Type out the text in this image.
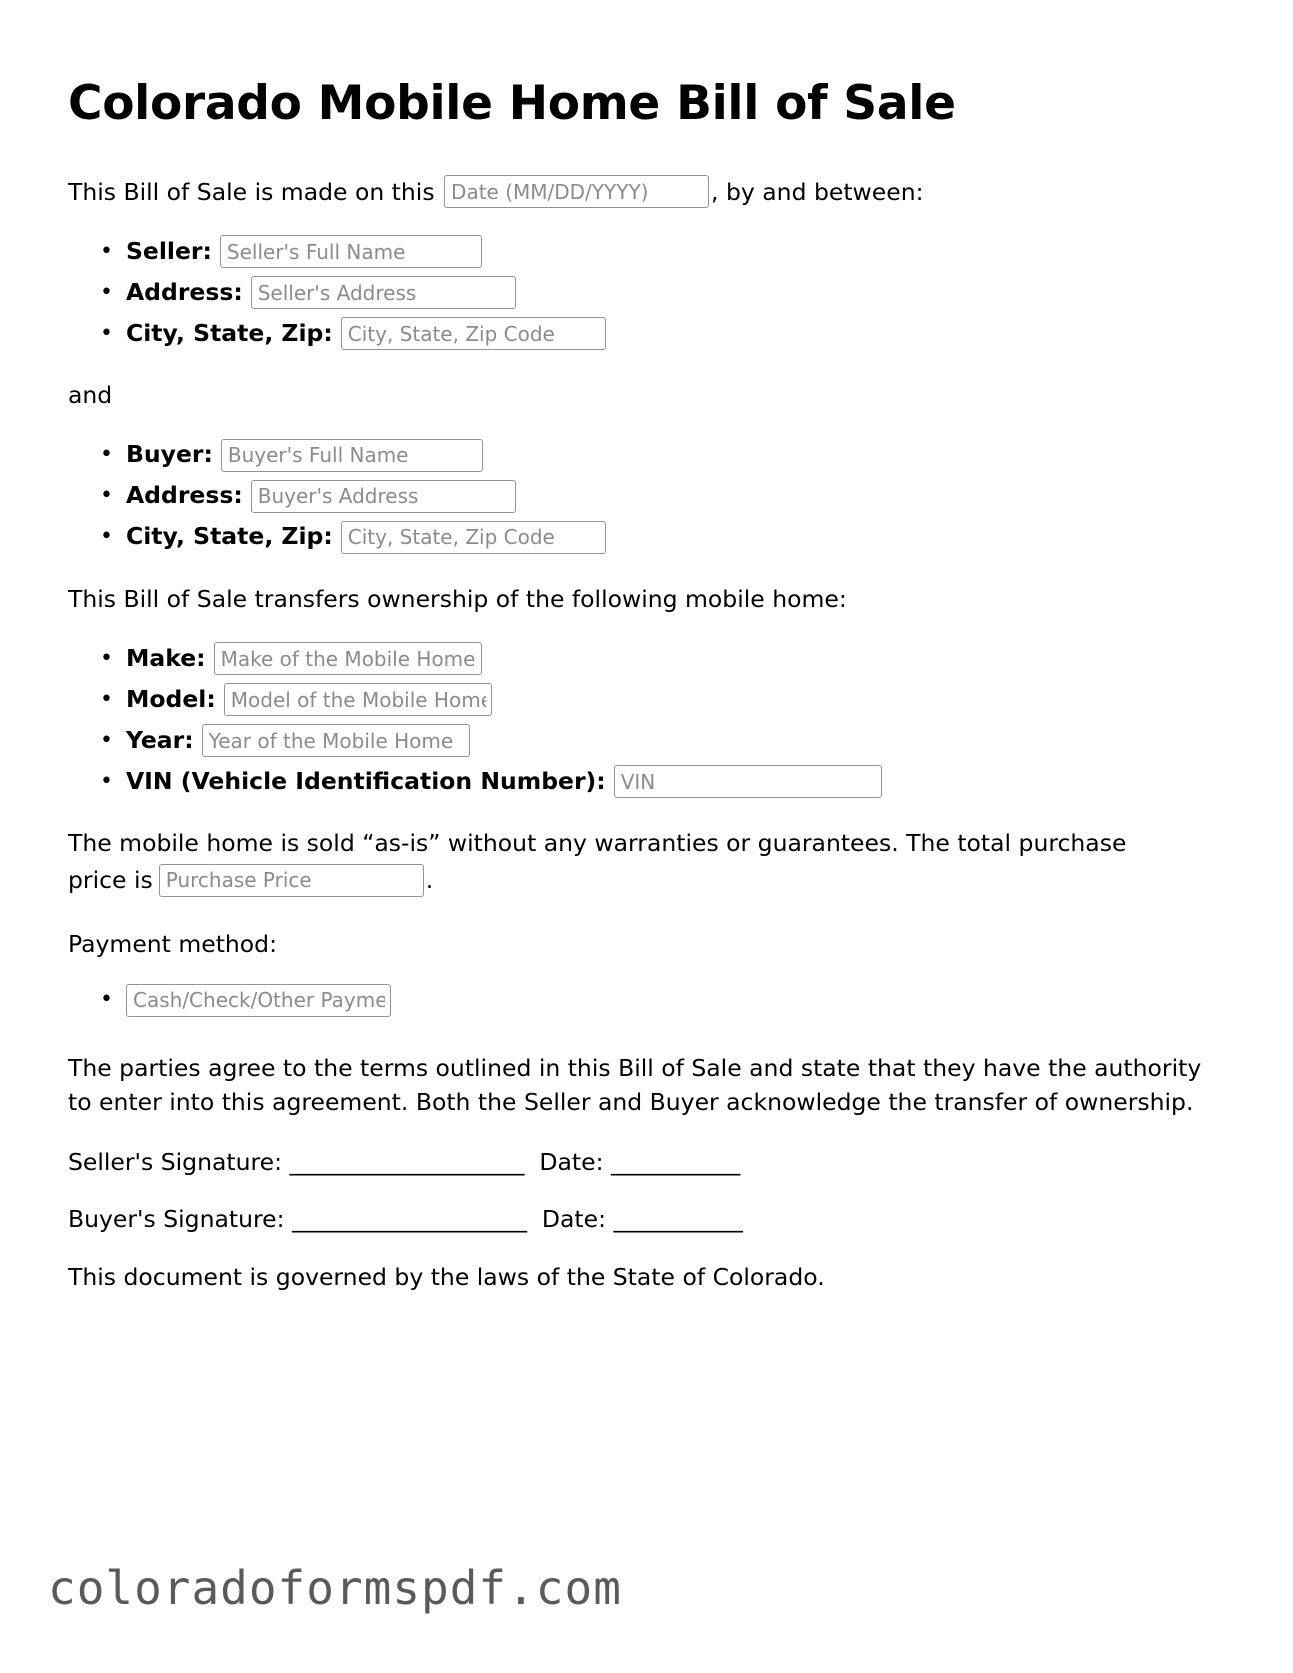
Colorado Mobile Home Bill of Sale
This Bill of Sale is made on this
Date (MM/DD/YYYY)	, by and between:
• Seller:
Seller's Full Name
• Address:
Seller's Address
• City, State, Zip:
City, State, Zip Code

and

• Buyer:
Buyer's Full Name
• Address:
Buyer's Address
• City, State, Zip:
City, State, Zip Code

This Bill of Sale transfers ownership of the following mobile home:

• Make:
Make of the Mobile Home
• Model:
Model of the Mobile Home
• Year:
Year of the Mobile Home
• VIN (Vehicle Identification Number):
VIN
The mobile home is sold “as-is” without any warranties or guarantees. The total purchase
price is
Purchase Price	.

Payment method:

•
Cash/Check/Other Payment Method

The parties agree to the terms outlined in this Bill of Sale and state that they have the authority to enter into this agreement. Both the Seller and Buyer acknowledge the transfer of ownership.

Seller's Signature: ____________________  Date: ___________
Buyer's Signature: ____________________  Date: ___________

This document is governed by the laws of the State of Colorado.

coloradoformspdf.com
